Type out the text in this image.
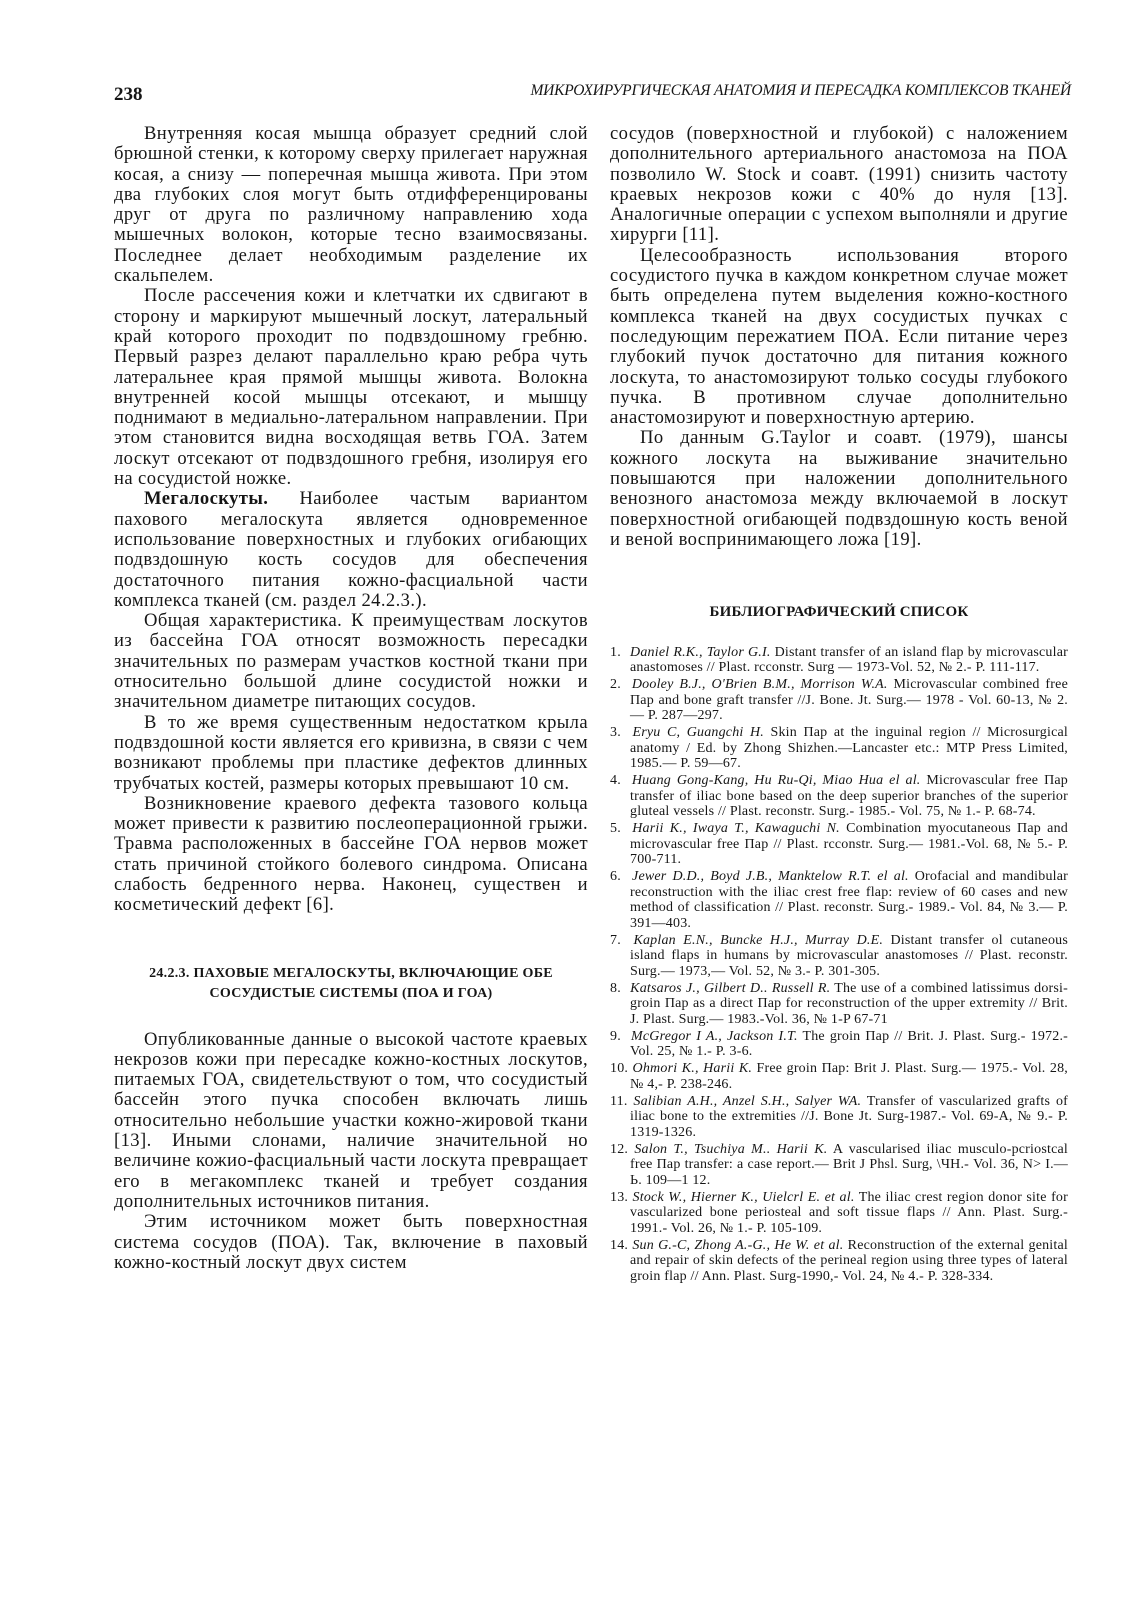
238	МИКРОХИРУРГИЧЕСКАЯ АНАТОМИЯ И ПЕРЕСАДКА КОМПЛЕКСОВ ТКАНЕЙ

Внутренняя косая мышца образует средний слой брюшной стенки, к которому сверху прилегает наружная косая, а снизу — поперечная мышца живота. При этом два глубоких слоя могут быть отдифференцированы друг от друга по различному направлению хода мышечных волокон, которые тесно взаимосвязаны. Последнее делает необходимым разделение их скальпелем.

После рассечения кожи и клетчатки их сдвигают в сторону и маркируют мышечный лоскут, латеральный край которого проходит по подвздошному гребню. Первый разрез делают параллельно краю ребра чуть латеральнее края прямой мышцы живота. Волокна внутренней косой мышцы отсекают, и мышцу поднимают в медиально-латеральном направлении. При этом становится видна восходящая ветвь ГОА. Затем лоскут отсекают от подвздошного гребня, изолируя его на сосудистой ножке.

Мегалоскуты. Наиболее частым вариантом пахового мегалоскута является одновременное использование поверхностных и глубоких огибающих подвздошную кость сосудов для обеспечения достаточного питания кожно-фасциальной части комплекса тканей (см. раздел 24.2.3.).

Общая характеристика. К преимуществам лоскутов из бассейна ГОА относят возможность пересадки значительных по размерам участков костной ткани при относительно большой длине сосудистой ножки и значительном диаметре питающих сосудов.

В то же время существенным недостатком крыла подвздошной кости является его кривизна, в связи с чем возникают проблемы при пластике дефектов длинных трубчатых костей, размеры которых превышают 10 см.

Возникновение краевого дефекта тазового кольца может привести к развитию послеоперационной грыжи. Травма расположенных в бассейне ГОА нервов может стать причиной стойкого болевого синдрома. Описана слабость бедренного нерва. Наконец, существен и косметический дефект [6].

24.2.3. ПАХОВЫЕ МЕГАЛОСКУТЫ, ВКЛЮЧАЮЩИЕ ОБЕ СОСУДИСТЫЕ СИСТЕМЫ (ПОА И ГОА)

Опубликованные данные о высокой частоте краевых некрозов кожи при пересадке кожно-костных лоскутов, питаемых ГОА, свидетельствуют о том, что сосудистый бассейн этого пучка способен включать лишь относительно небольшие участки кожно-жировой ткани [13]. Иными слонами, наличие значительной но величине кожио-фасциальный части лоскута превращает его в мегакомплекс тканей и требует создания дополнительных источников питания.

Этим источником может быть поверхностная система сосудов (ПОА). Так, включение в паховый кожно-костный лоскут двух систем

сосудов (поверхностной и глубокой) с наложением дополнительного артериального анастомоза на ПОА позволило W. Stock и соавт. (1991) снизить частоту краевых некрозов кожи с 40% до нуля [13]. Аналогичные операции с успехом выполняли и другие хирурги [11].

Целесообразность использования второго сосудистого пучка в каждом конкретном случае может быть определена путем выделения кожно-костного комплекса тканей на двух сосудистых пучках с последующим пережатием ПОА. Если питание через глубокий пучок достаточно для питания кожного лоскута, то анастомозируют только сосуды глубокого пучка. В противном случае дополнительно анастомозируют и поверхностную артерию.

По данным G.Taylor и соавт. (1979), шансы кожного лоскута на выживание значительно повышаются при наложении дополнительного венозного анастомоза между включаемой в лоскут поверхностной огибающей подвздошную кость веной и веной воспринимающего ложа [19].

БИБЛИОГРАФИЧЕСКИЙ СПИСОК
1. Daniel R.K., Taylor G.I. Distant transfer of an island flap by microvascular anastomoses // Plast. rcconstr. Surg — 1973-Vol. 52, № 2.- P. 111-117.
2. Dooley B.J., O'Brien B.M., Morrison W.A. Microvascular combined free Пар and bone graft transfer //J. Bone. Jt. Surg.— 1978 - Vol. 60-13, № 2.— P. 287—297.
3. Eryu C, Guangchi H. Skin Пар at the inguinal region // Microsurgical anatomy / Ed. by Zhong Shizhen.—Lancaster etc.: MTP Press Limited, 1985.— P. 59—67.
4. Huang Gong-Kang, Hu Ru-Qi, Miao Hua el al. Microvascular free Пар transfer of iliac bone based on the deep superior branches of the superior gluteal vessels // Plast. reconstr. Surg.- 1985.- Vol. 75, № 1.- P. 68-74.
5. Harii K., Iwaya T., Kawaguchi N. Combination myocutaneous Пар and microvascular free Пар // Plast. rcconstr. Surg.— 1981.-Vol. 68, № 5.- P. 700-711.
6. Jewer D.D., Boyd J.B., Manktelow R.T. el al. Orofacial and mandibular reconstruction with the iliac crest free flap: review of 60 cases and new method of classification // Plast. reconstr. Surg.- 1989.- Vol. 84, № 3.— P. 391—403.
7. Kaplan E.N., Buncke H.J., Murray D.E. Distant transfer ol cutaneous island flaps in humans by microvascular anastomoses // Plast. reconstr. Surg.— 1973,— Vol. 52, № 3.- P. 301-305.
8. Katsaros J., Gilbert D.. Russell R. The use of a combined latissimus dorsi-groin Пар as a direct Пар for reconstruction of the upper extremity // Brit. J. Plast. Surg.— 1983.-Vol. 36, № 1-P 67-71
9. McGregor I A., Jackson I.T. The groin Пар // Brit. J. Plast. Surg.- 1972.- Vol. 25, № 1.- P. 3-6.
10. Ohmori K., Harii K. Free groin Пар: Brit J. Plast. Surg.— 1975.- Vol. 28, № 4,- P. 238-246.
11. Salibian A.H., Anzel S.H., Salyer WA. Transfer of vascularized grafts of iliac bone to the extremities //J. Bone Jt. Surg-1987.- Vol. 69-A, № 9.- P. 1319-1326.
12. Salon T., Tsuchiya M.. Harii K. A vascularised iliac musculo-pcriostcal free Пар transfer: a case report.— Brit J Phsl. Surg, \ЧН.- Vol. 36, N> I.— Ь. 109—1 12.
13. Stock W., Hierner K., Uielcrl E. et al. The iliac crest region donor site for vascularized bone periosteal and soft tissue flaps // Ann. Plast. Surg.- 1991.- Vol. 26, № 1.- P. 105-109.
14. Sun G.-C, Zhong A.-G., He W. et al. Reconstruction of the external genital and repair of skin defects of the perineal region using three types of lateral groin flap // Ann. Plast. Surg-1990,- Vol. 24, № 4.- P. 328-334.
